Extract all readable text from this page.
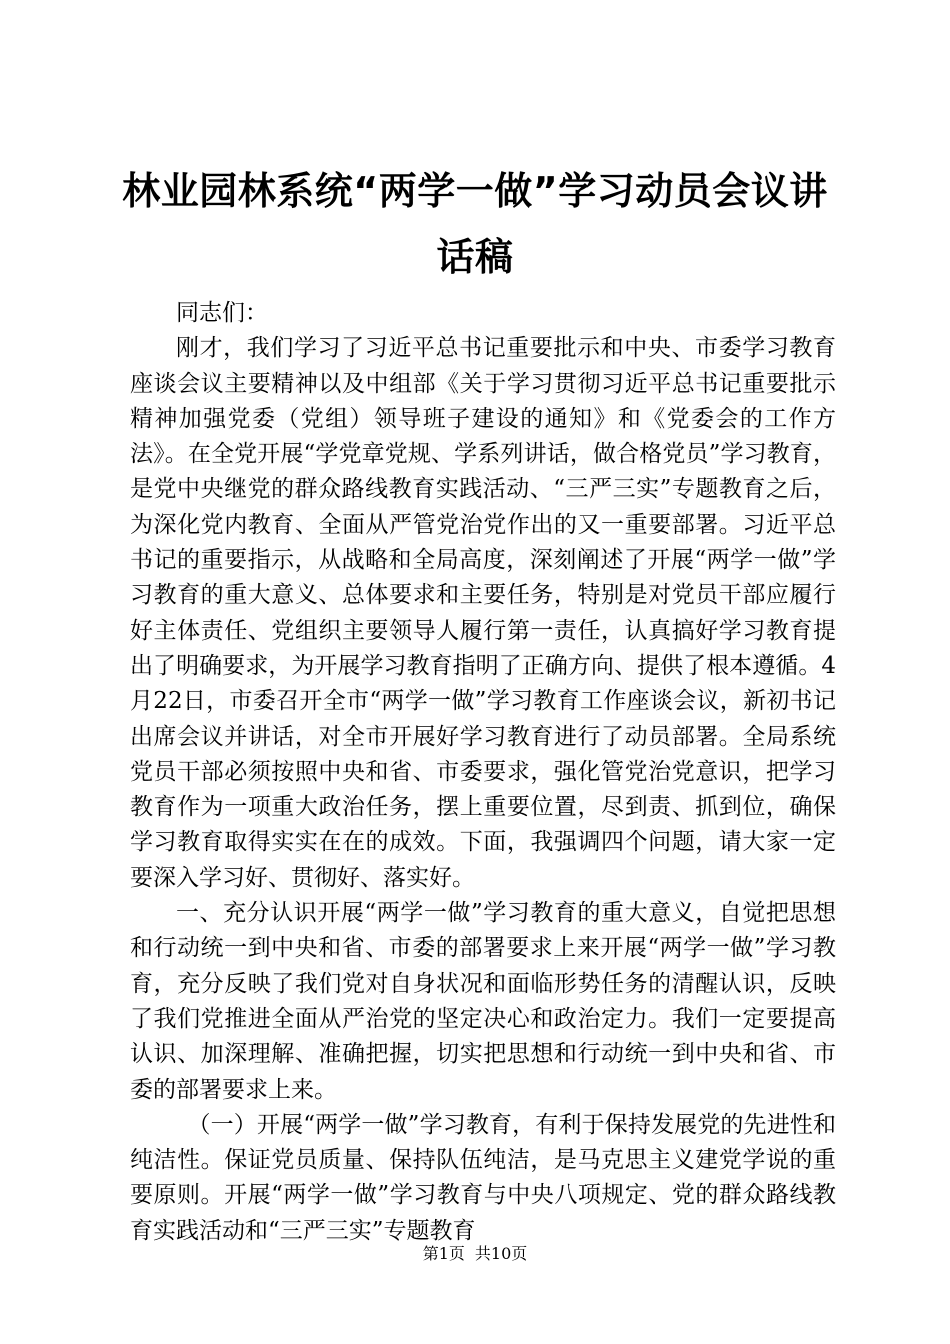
林业园林系统“两学一做”学习动员会议讲话稿

同志们：

刚才，我们学习了习近平总书记重要批示和中央、市委学习教育座谈会议主要精神以及中组部《关于学习贯彻习近平总书记重要批示精神加强党委（党组）领导班子建设的通知》和《党委会的工作方法》。在全党开展“学党章党规、学系列讲话，做合格党员”学习教育，是党中央继党的群众路线教育实践活动、“三严三实”专题教育之后，为深化党内教育、全面从严管党治党作出的又一重要部署。习近平总书记的重要指示，从战略和全局高度，深刻阐述了开展“两学一做”学习教育的重大意义、总体要求和主要任务，特别是对党员干部应履行好主体责任、党组织主要领导人履行第一责任，认真搞好学习教育提出了明确要求，为开展学习教育指明了正确方向、提供了根本遵循。4月22日，市委召开全市“两学一做”学习教育工作座谈会议，新初书记出席会议并讲话，对全市开展好学习教育进行了动员部署。全局系统党员干部必须按照中央和省、市委要求，强化管党治党意识，把学习教育作为一项重大政治任务，摆上重要位置，尽到责、抓到位，确保学习教育取得实实在在的成效。下面，我强调四个问题，请大家一定要深入学习好、贯彻好、落实好。

一、充分认识开展“两学一做”学习教育的重大意义，自觉把思想和行动统一到中央和省、市委的部署要求上来开展“两学一做”学习教育，充分反映了我们党对自身状况和面临形势任务的清醒认识，反映了我们党推进全面从严治党的坚定决心和政治定力。我们一定要提高认识、加深理解、准确把握，切实把思想和行动统一到中央和省、市委的部署要求上来。

（一）开展“两学一做”学习教育，有利于保持发展党的先进性和纯洁性。保证党员质量、保持队伍纯洁，是马克思主义建党学说的重要原则。开展“两学一做”学习教育与中央八项规定、党的群众路线教育实践活动和“三严三实”专题教育

第1页 共10页
